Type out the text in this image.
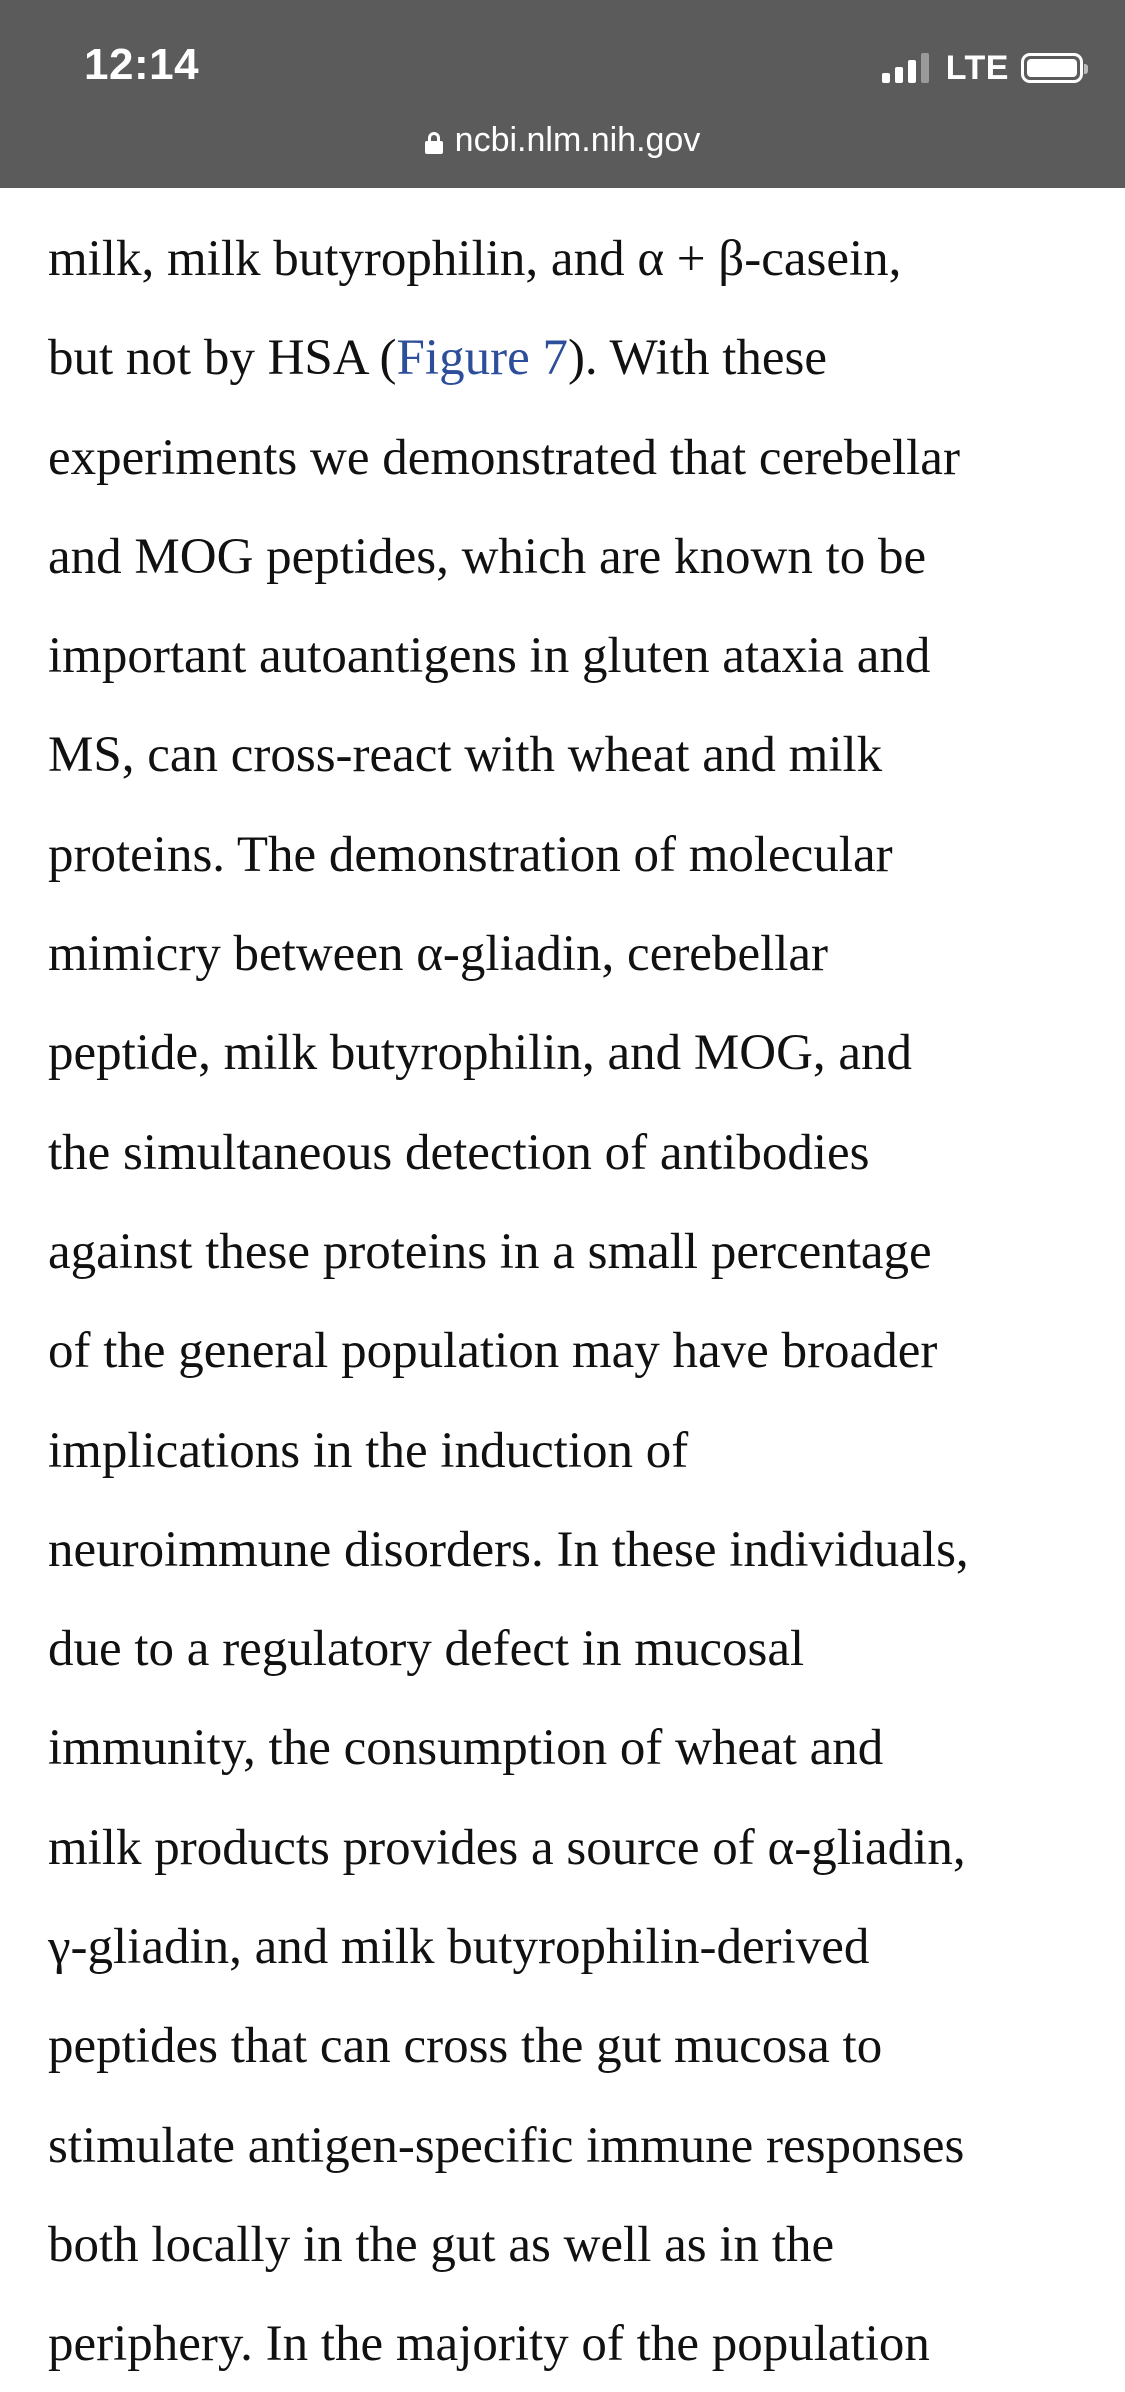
12:14	LTE
ncbi.nlm.nih.gov
milk, milk butyrophilin, and α + β-casein,
but not by HSA (Figure 7). With these
experiments we demonstrated that cerebellar
and MOG peptides, which are known to be
important autoantigens in gluten ataxia and
MS, can cross-react with wheat and milk
proteins. The demonstration of molecular
mimicry between α-gliadin, cerebellar
peptide, milk butyrophilin, and MOG, and
the simultaneous detection of antibodies
against these proteins in a small percentage
of the general population may have broader
implications in the induction of
neuroimmune disorders. In these individuals,
due to a regulatory defect in mucosal
immunity, the consumption of wheat and
milk products provides a source of α-gliadin,
γ-gliadin, and milk butyrophilin-derived
peptides that can cross the gut mucosa to
stimulate antigen-specific immune responses
both locally in the gut as well as in the
periphery. In the majority of the population
